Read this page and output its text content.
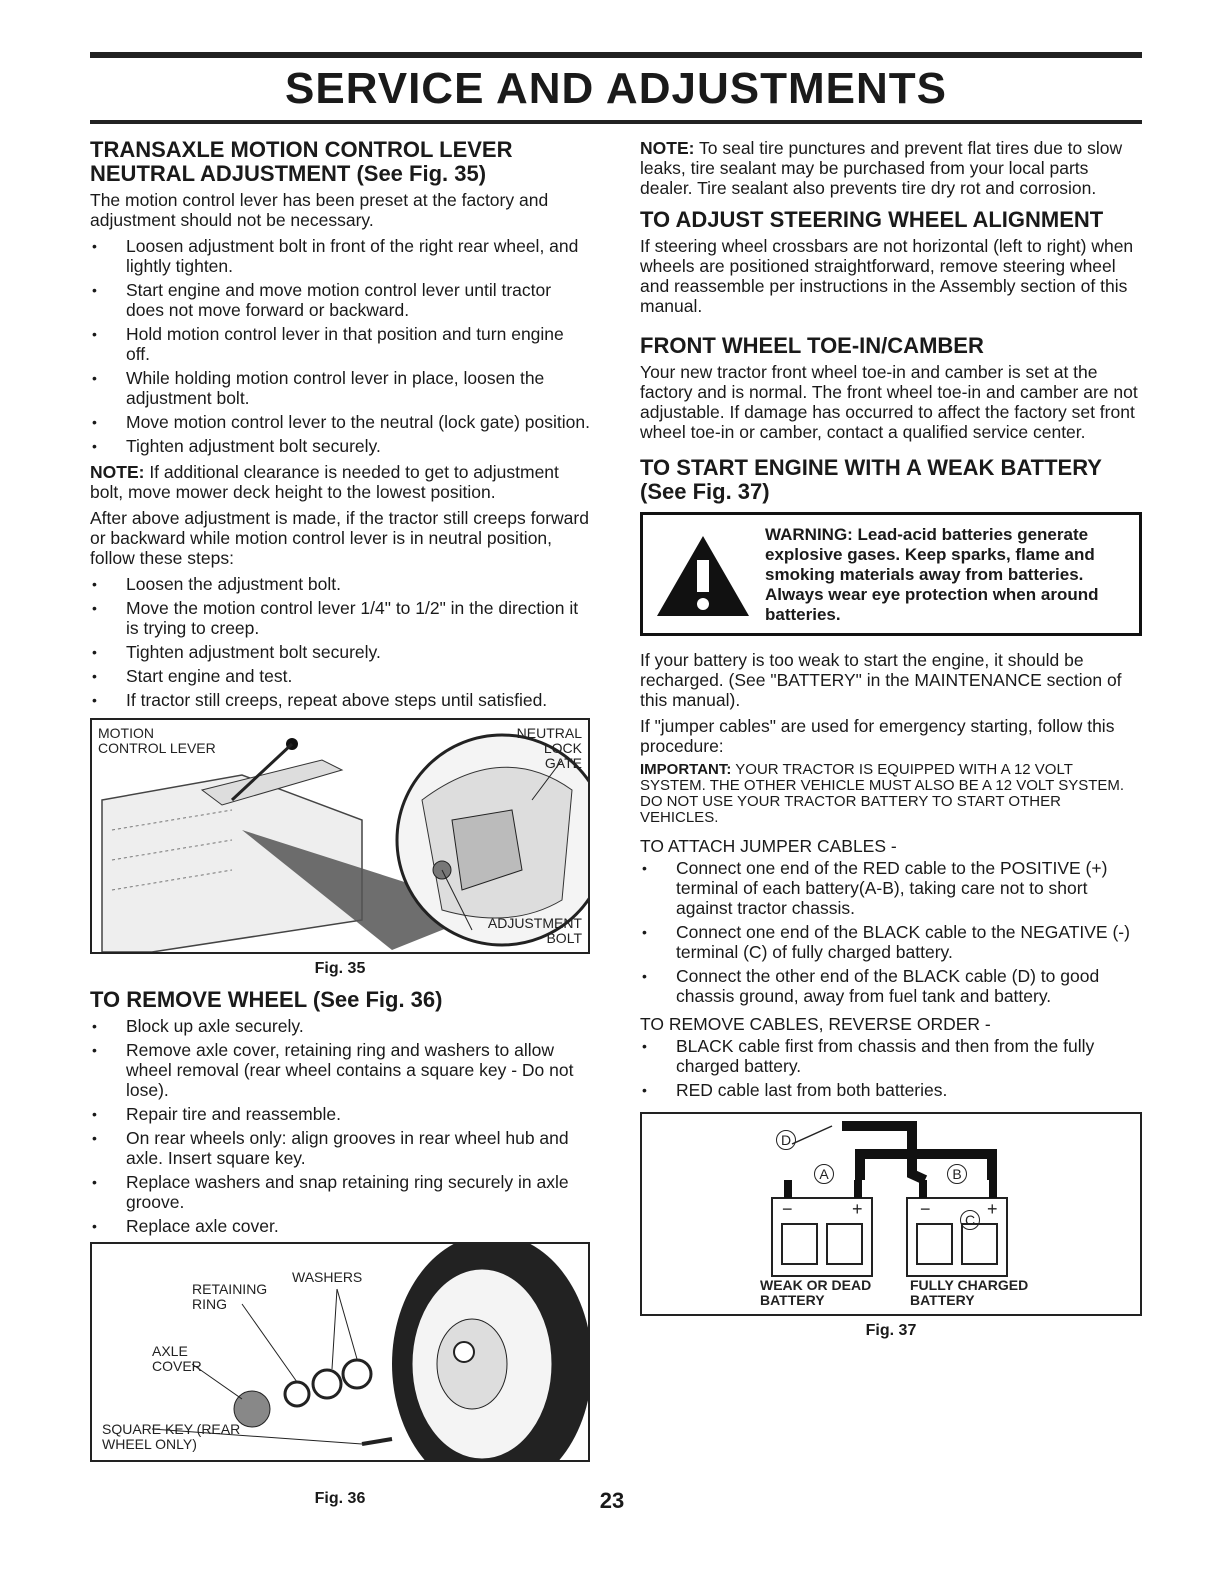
SERVICE AND ADJUSTMENTS
TRANSAXLE MOTION CONTROL LEVER NEUTRAL ADJUSTMENT (See Fig. 35)

The motion control lever has been preset at the factory and adjustment should not be necessary.

• Loosen adjustment bolt in front of the right rear wheel, and lightly tighten.
• Start engine and move motion control lever until tractor does not move forward or backward.
• Hold motion control lever in that position and turn engine off.
• While holding motion control lever in place, loosen the adjustment bolt.
• Move motion control lever to the neutral (lock gate) position.
• Tighten adjustment bolt securely.

NOTE: If additional clearance is needed to get to adjustment bolt, move mower deck height to the lowest position.

After above adjustment is made, if the tractor still creeps forward or backward while motion control lever is in neutral position, follow these steps:

• Loosen the adjustment bolt.
• Move the motion control lever 1/4" to 1/2" in the direction it is trying to creep.
• Tighten adjustment bolt securely.
• Start engine and test.
• If tractor still creeps, repeat above steps until satisfied.
MOTION CONTROL LEVER
NEUTRAL LOCK GATE
ADJUSTMENT BOLT
Fig. 35
TO REMOVE WHEEL (See Fig. 36)
• Block up axle securely.
• Remove axle cover, retaining ring and washers to allow wheel removal (rear wheel contains a square key - Do not lose).
• Repair tire and reassemble.
• On rear wheels only: align grooves in rear wheel hub and axle. Insert square key.
• Replace washers and snap retaining ring securely in axle groove.
• Replace axle cover.
RETAINING RING
WASHERS
AXLE COVER
SQUARE KEY (REAR WHEEL ONLY)
Fig. 36

NOTE: To seal tire punctures and prevent flat tires due to slow leaks, tire sealant may be purchased from your local parts dealer. Tire sealant also prevents tire dry rot and corrosion.

TO ADJUST STEERING WHEEL ALIGNMENT

If steering wheel crossbars are not horizontal (left to right) when wheels are positioned straightforward, remove steering wheel and reassemble per instructions in the Assembly section of this manual.

FRONT WHEEL TOE-IN/CAMBER

Your new tractor front wheel toe-in and camber is set at the factory and is normal. The front wheel toe-in and camber are not adjustable. If damage has occurred to affect the factory set front wheel toe-in or camber, contact a qualified service center.

TO START ENGINE WITH A WEAK BATTERY (See Fig. 37)
WARNING: Lead-acid batteries generate explosive gases. Keep sparks, flame and smoking materials away from batteries. Always wear eye protection when around batteries.

If your battery is too weak to start the engine, it should be recharged. (See "BATTERY" in the MAINTENANCE section of this manual).

If "jumper cables" are used for emergency starting, follow this procedure:

IMPORTANT: YOUR TRACTOR IS EQUIPPED WITH A 12 VOLT SYSTEM. THE OTHER VEHICLE MUST ALSO BE A 12 VOLT SYSTEM. DO NOT USE YOUR TRACTOR BATTERY TO START OTHER VEHICLES.

TO ATTACH JUMPER CABLES -

• Connect one end of the RED cable to the POSITIVE (+) terminal of each battery(A-B), taking care not to short against tractor chassis.
• Connect one end of the BLACK cable to the NEGATIVE (-) terminal (C) of fully charged battery.
• Connect the other end of the BLACK cable (D) to good chassis ground, away from fuel tank and battery.

TO REMOVE CABLES, REVERSE ORDER -

• BLACK cable first from chassis and then from the fully charged battery.
• RED cable last from both batteries.
D
A	B
C
−	+	−	+
WEAK OR DEAD BATTERY
FULLY CHARGED BATTERY
Fig. 37
23
